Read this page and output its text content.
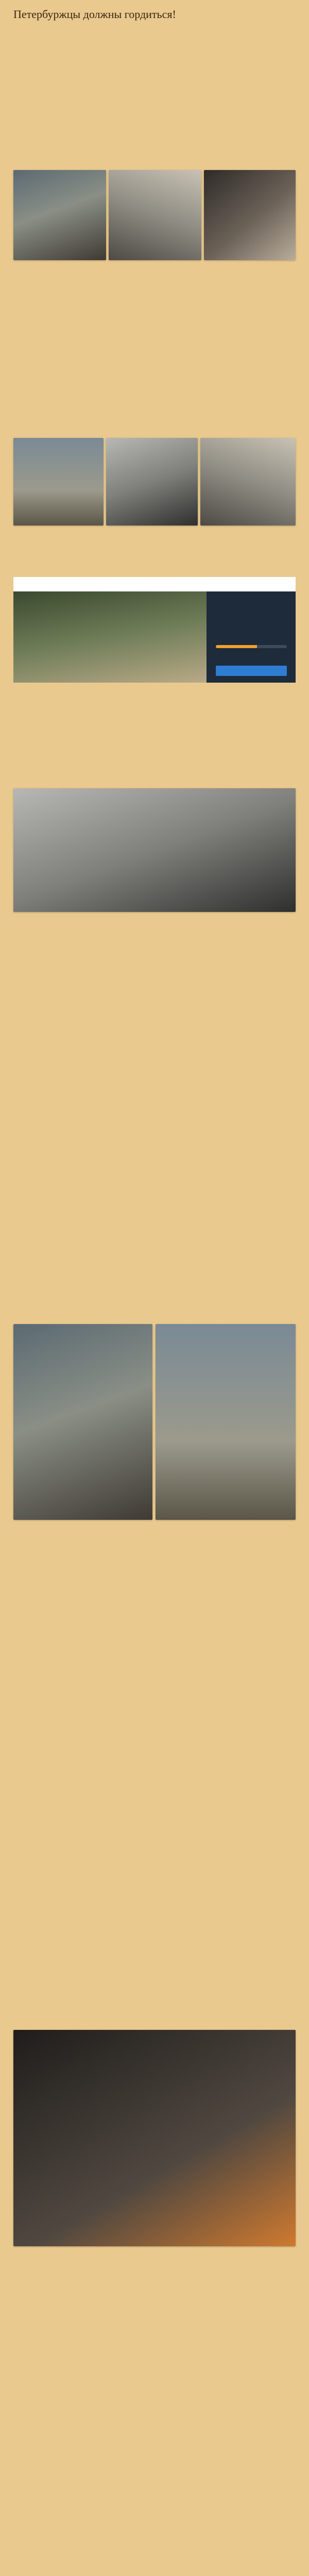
Петербуржцы должны гордиться!
